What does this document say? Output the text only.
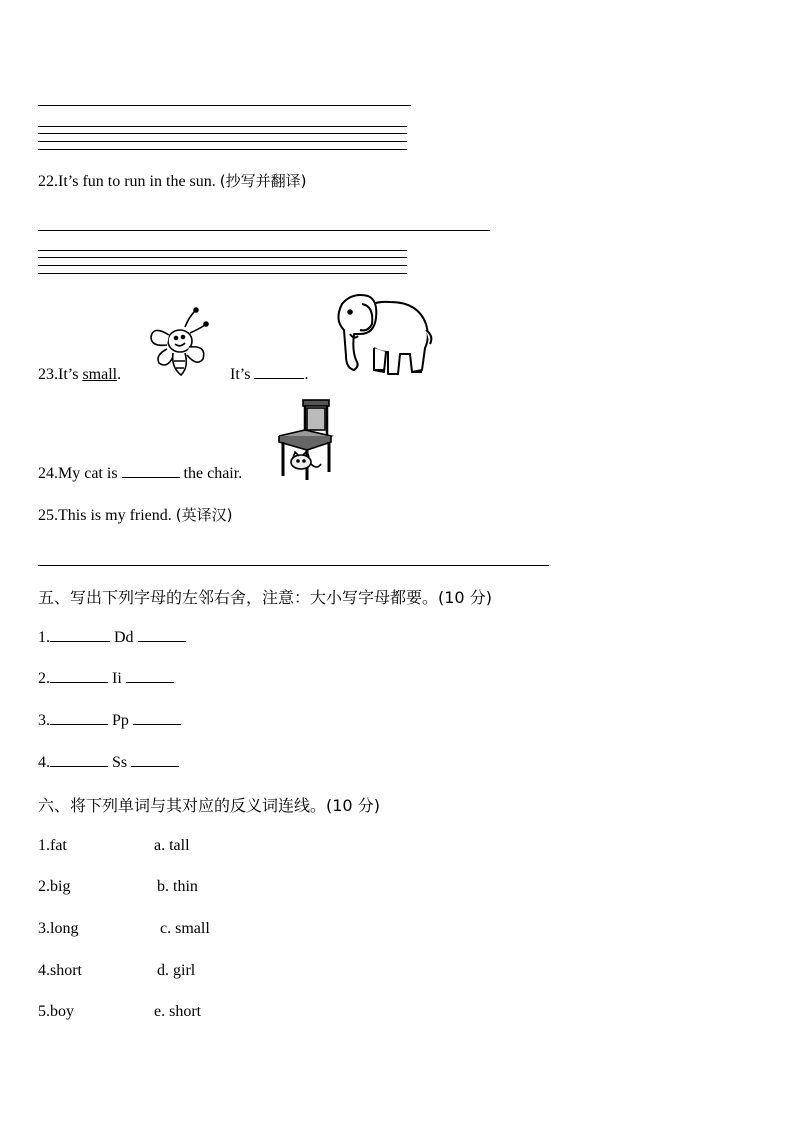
22.It’s fun to run in the sun. (抄写并翻译)
23.It’s small.	It’s	.
24.My cat is	the chair.
25.This is my friend. (英译汉)
五、写出下列字母的左邻右舍，注意：大小写字母都要。(10 分)
1.	Dd
2.	Ii
3.	Pp
4.	Ss
六、将下列单词与其对应的反义词连线。(10 分)
1.fat	a. tall
2.big	b. thin
3.long	c. small
4.short	d. girl
5.boy	e. short
